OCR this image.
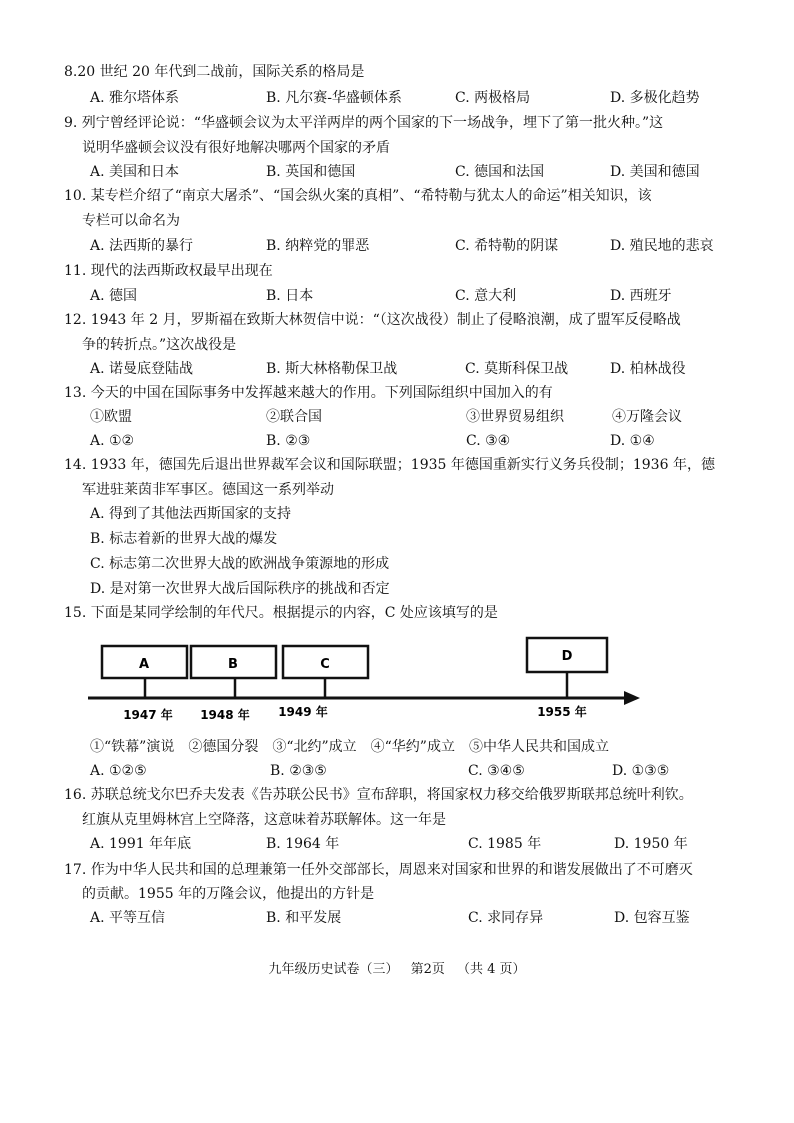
8.20 世纪 20 年代到二战前，国际关系的格局是
A. 雅尔塔体系	B. 凡尔赛-华盛顿体系	C. 两极格局	D. 多极化趋势
9. 列宁曾经评论说：“华盛顿会议为太平洋两岸的两个国家的下一场战争，埋下了第一批火种。”这
说明华盛顿会议没有很好地解决哪两个国家的矛盾
A. 美国和日本	B. 英国和德国	C. 德国和法国	D. 美国和德国
10. 某专栏介绍了“南京大屠杀”、“国会纵火案的真相”、“希特勒与犹太人的命运”相关知识，该
专栏可以命名为
A. 法西斯的暴行	B. 纳粹党的罪恶	C. 希特勒的阴谋	D. 殖民地的悲哀
11. 现代的法西斯政权最早出现在
A. 德国	B. 日本	C. 意大利	D. 西班牙
12. 1943 年 2 月，罗斯福在致斯大林贺信中说：“（这次战役）制止了侵略浪潮，成了盟军反侵略战
争的转折点。”这次战役是
A. 诺曼底登陆战	B. 斯大林格勒保卫战	C. 莫斯科保卫战	D. 柏林战役
13. 今天的中国在国际事务中发挥越来越大的作用。下列国际组织中国加入的有
①欧盟	②联合国	③世界贸易组织	④万隆会议
A. ①②	B. ②③	C. ③④	D. ①④
14. 1933 年，德国先后退出世界裁军会议和国际联盟；1935 年德国重新实行义务兵役制；1936 年，德
军进驻莱茵非军事区。德国这一系列举动
A. 得到了其他法西斯国家的支持
B. 标志着新的世界大战的爆发
C. 标志第二次世界大战的欧洲战争策源地的形成
D. 是对第一次世界大战后国际秩序的挑战和否定
15. 下面是某同学绘制的年代尺。根据提示的内容，C 处应该填写的是
A	B	C
D
1947 年 1948 年 1949 年	1955 年
①“铁幕”演说　②德国分裂　③“北约”成立　④“华约”成立　⑤中华人民共和国成立
A. ①②⑤	B. ②③⑤	C. ③④⑤	D. ①③⑤
16. 苏联总统戈尔巴乔夫发表《告苏联公民书》宣布辞职，将国家权力移交给俄罗斯联邦总统叶利钦。
红旗从克里姆林宫上空降落，这意味着苏联解体。这一年是
A. 1991 年年底	B. 1964 年	C. 1985 年	D. 1950 年
17. 作为中华人民共和国的总理兼第一任外交部部长，周恩来对国家和世界的和谐发展做出了不可磨灭
的贡献。1955 年的万隆会议，他提出的方针是
A. 平等互信	B. 和平发展	C. 求同存异	D. 包容互鉴
九年级历史试卷（三） 第2页 （共 4 页）
